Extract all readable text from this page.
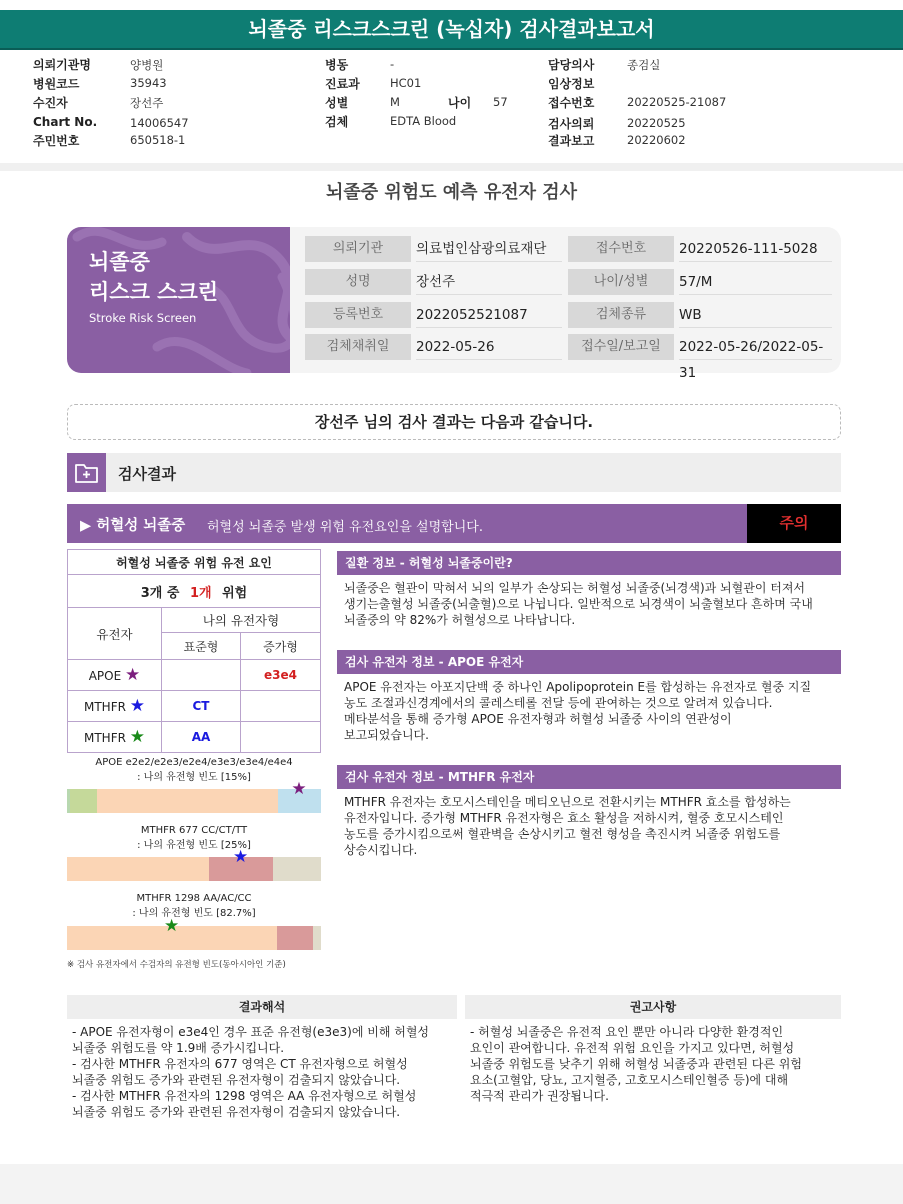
뇌졸중 리스크스크린 (녹십자) 검사결과보고서
의뢰기관명	양병원
병원코드	35943
수진자	장선주
Chart No.	14006547
주민번호	650518-1
병동	-
진료과	HC01
성별	M	나이 57
검체	EDTA Blood
담당의사	종검실
임상정보
접수번호	20220525-21087
검사의뢰	20220525
결과보고	20220602
뇌졸중 위험도 예측 유전자 검사
뇌졸중
리스크 스크린
Stroke Risk Screen
의뢰기관	의료법인삼광의료재단	접수번호	20220526-111-5028
성명	장선주	나이/성별	57/M
등록번호	2022052521087	검체종류	WB
검체채취일	2022-05-26	접수일/보고일	2022-05-26/2022-05-31
장선주 님의 검사 결과는 다음과 같습니다.
검사결과
▶ 허혈성 뇌졸중 허혈성 뇌졸중 발생 위험 유전요인을 설명합니다.	주의
허혈성 뇌졸중 위험 유전 요인		
3개 중 1개 위험		
유전자	나의 유전자형	
	표준형	증가형
APOE ★		e3e4
MTHFR ★	CT	
MTHFR ★	AA	
APOE e2e2/e2e3/e2e4/e3e3/e3e4/e4e4
: 나의 유전형 빈도 [15%]
★
MTHFR 677 CC/CT/TT
: 나의 유전형 빈도 [25%]
★
MTHFR 1298 AA/AC/CC
: 나의 유전형 빈도 [82.7%]
★
※ 검사 유전자에서 수검자의 유전형 빈도(동아시아인 기준)
질환 정보 - 허혈성 뇌졸중이란?
뇌졸중은 혈관이 막혀서 뇌의 일부가 손상되는 허혈성 뇌졸중(뇌경색)과 뇌혈관이 터져서
생기는출혈성 뇌졸중(뇌출혈)으로 나뉩니다. 일반적으로 뇌경색이 뇌출혈보다 흔하며 국내
뇌졸중의 약 82%가 허혈성으로 나타납니다.
검사 유전자 정보 - APOE 유전자
APOE 유전자는 아포지단백 중 하나인 Apolipoprotein E를 합성하는 유전자로 혈중 지질
농도 조절과신경계에서의 콜레스테롤 전달 등에 관여하는 것으로 알려져 있습니다.
메타분석을 통해 증가형 APOE 유전자형과 허혈성 뇌졸중 사이의 연관성이
보고되었습니다.
검사 유전자 정보 - MTHFR 유전자
MTHFR 유전자는 호모시스테인을 메티오닌으로 전환시키는 MTHFR 효소를 합성하는
유전자입니다. 증가형 MTHFR 유전자형은 효소 활성을 저하시켜, 혈중 호모시스테인
농도를 증가시킴으로써 혈관벽을 손상시키고 혈전 형성을 촉진시켜 뇌졸중 위험도를
상승시킵니다.
결과해석
- APOE 유전자형이 e3e4인 경우 표준 유전형(e3e3)에 비해 허혈성
뇌졸중 위험도를 약 1.9배 증가시킵니다.
- 검사한 MTHFR 유전자의 677 영역은 CT 유전자형으로 허혈성
뇌졸중 위험도 증가와 관련된 유전자형이 검출되지 않았습니다.
- 검사한 MTHFR 유전자의 1298 영역은 AA 유전자형으로 허혈성
뇌졸중 위험도 증가와 관련된 유전자형이 검출되지 않았습니다.
권고사항
- 허혈성 뇌졸중은 유전적 요인 뿐만 아니라 다양한 환경적인
요인이 관여합니다. 유전적 위험 요인을 가지고 있다면, 허혈성
뇌졸중 위험도를 낮추기 위해 허혈성 뇌졸중과 관련된 다른 위험
요소(고혈압, 당뇨, 고지혈증, 고호모시스테인혈증 등)에 대해
적극적 관리가 권장됩니다.
